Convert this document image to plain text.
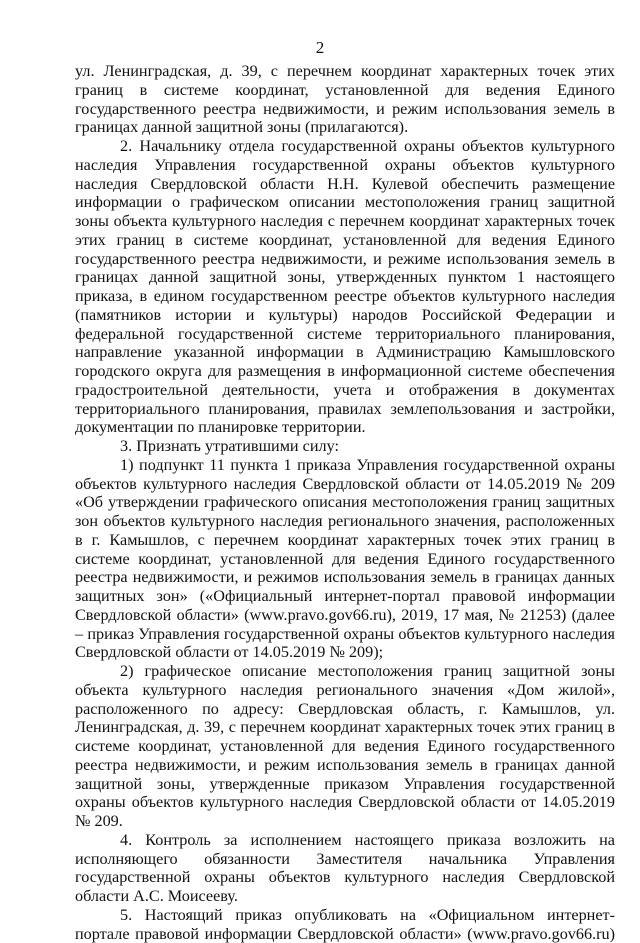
2

ул. Ленинградская, д. 39, с перечнем координат характерных точек этих границ в системе координат, установленной для ведения Единого государственного реестра недвижимости, и режим использования земель в границах данной защитной зоны (прилагаются).

2. Начальнику отдела государственной охраны объектов культурного наследия Управления государственной охраны объектов культурного наследия Свердловской области Н.Н. Кулевой обеспечить размещение информации о графическом описании местоположения границ защитной зоны объекта культурного наследия с перечнем координат характерных точек этих границ в системе координат, установленной для ведения Единого государственного реестра недвижимости, и режиме использования земель в границах данной защитной зоны, утвержденных пунктом 1 настоящего приказа, в едином государственном реестре объектов культурного наследия (памятников истории и культуры) народов Российской Федерации и федеральной государственной системе территориального планирования, направление указанной информации в Администрацию Камышловского городского округа для размещения в информационной системе обеспечения градостроительной деятельности, учета и отображения в документах территориального планирования, правилах землепользования и застройки, документации по планировке территории.

3. Признать утратившими силу:

1) подпункт 11 пункта 1 приказа Управления государственной охраны объектов культурного наследия Свердловской области от 14.05.2019 № 209 «Об утверждении графического описания местоположения границ защитных зон объектов культурного наследия регионального значения, расположенных в г. Камышлов, с перечнем координат характерных точек этих границ в системе координат, установленной для ведения Единого государственного реестра недвижимости, и режимов использования земель в границах данных защитных зон» («Официальный интернет-портал правовой информации Свердловской области» (www.pravo.gov66.ru), 2019, 17 мая, № 21253) (далее – приказ Управления государственной охраны объектов культурного наследия Свердловской области от 14.05.2019 № 209);

2) графическое описание местоположения границ защитной зоны объекта культурного наследия регионального значения «Дом жилой», расположенного по адресу: Свердловская область, г. Камышлов, ул. Ленинградская, д. 39, с перечнем координат характерных точек этих границ в системе координат, установленной для ведения Единого государственного реестра недвижимости, и режим использования земель в границах данной защитной зоны, утвержденные приказом Управления государственной охраны объектов культурного наследия Свердловской области от 14.05.2019 № 209.

4. Контроль за исполнением настоящего приказа возложить на исполняющего обязанности Заместителя начальника Управления государственной охраны объектов культурного наследия Свердловской области А.С. Моисееву.

5. Настоящий приказ опубликовать на «Официальном интернет-портале правовой информации Свердловской области» (www.pravo.gov66.ru)
